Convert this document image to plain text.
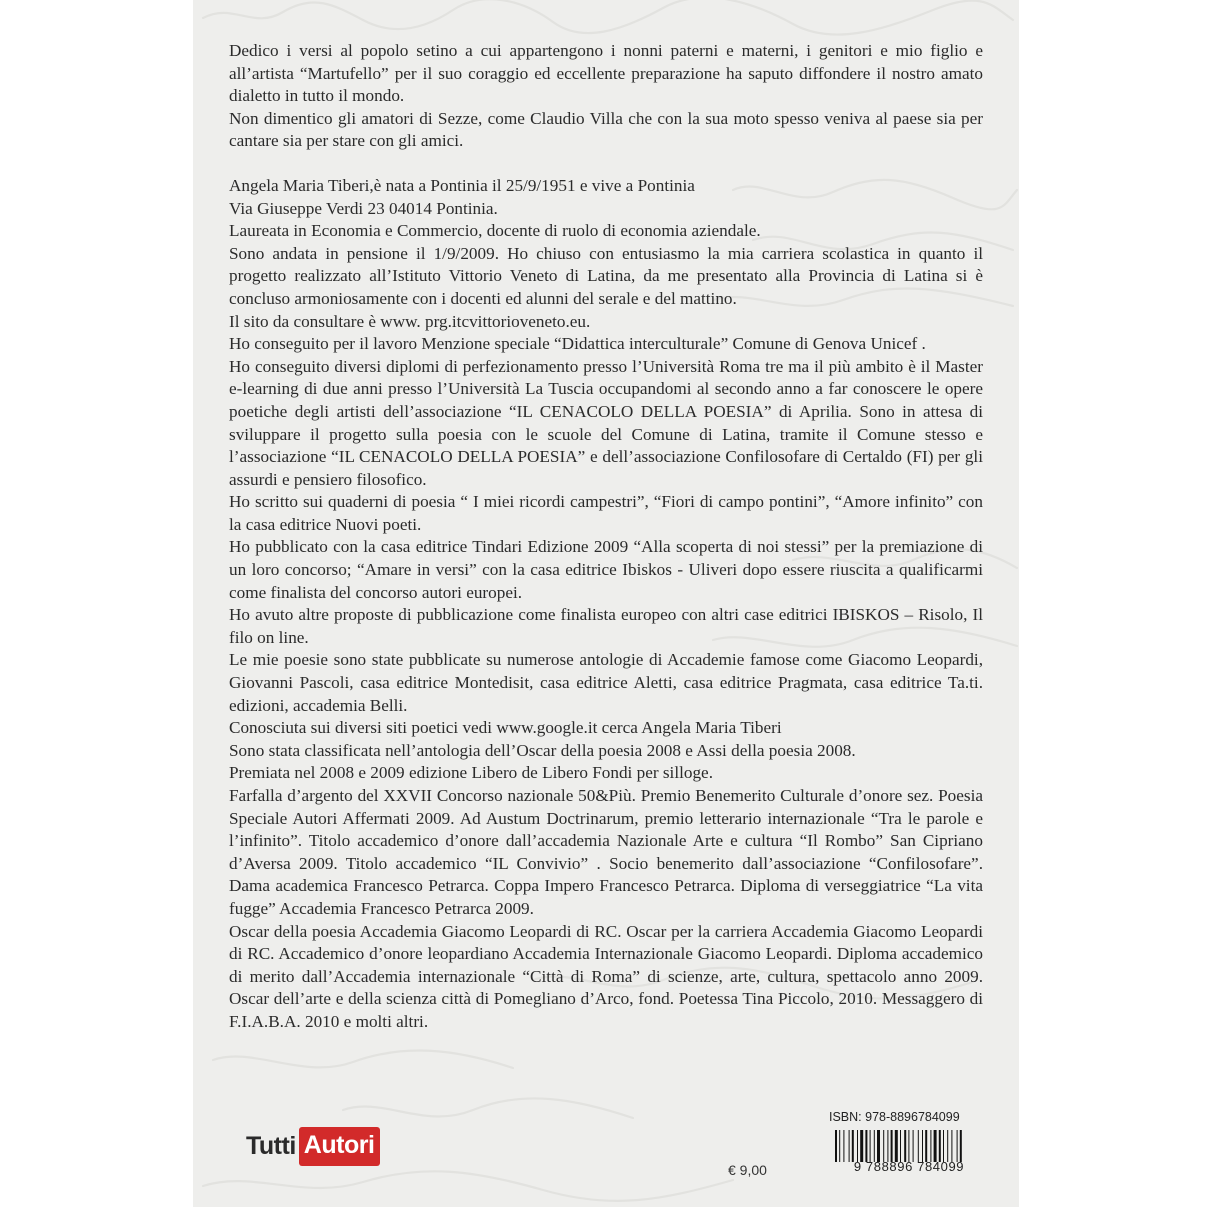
Dedico i versi al popolo setino a cui appartengono i nonni paterni e materni, i genitori e mio figlio e all’artista “Martufello” per il suo coraggio ed eccellente preparazione ha saputo diffondere il nostro amato dialetto in tutto il mondo.

Non dimentico gli amatori di Sezze, come Claudio Villa che con la sua moto spesso veniva al paese sia per cantare sia per stare con gli amici.

Angela Maria Tiberi,è nata a Pontinia il 25/9/1951 e vive a Pontinia

Via Giuseppe Verdi 23 04014 Pontinia.

Laureata in Economia e Commercio, docente di ruolo di economia aziendale.

Sono andata in pensione il 1/9/2009. Ho chiuso con entusiasmo la mia carriera scolastica in quanto il progetto realizzato all’Istituto Vittorio Veneto di Latina, da me presentato alla Provincia di Latina si è concluso armoniosamente con i docenti ed alunni del serale e del mattino.

Il sito da consultare è www. prg.itcvittorioveneto.eu.

Ho conseguito per il lavoro Menzione speciale “Didattica interculturale” Comune di Genova Unicef .

Ho conseguito diversi diplomi di perfezionamento presso l’Università Roma tre ma il più ambito è il Master e-learning di due anni presso l’Università La Tuscia occupandomi al secondo anno a far conoscere le opere poetiche degli artisti dell’associazione “IL CENACOLO DELLA POESIA” di Aprilia. Sono in attesa di sviluppare il progetto sulla poesia con le scuole del Comune di Latina, tramite il Comune stesso e l’associazione “IL CENACOLO DELLA POESIA” e dell’associazione Confilosofare di Certaldo (FI) per gli assurdi e pensiero filosofico.

Ho scritto sui quaderni di poesia “ I miei ricordi campestri”, “Fiori di campo pontini”, “Amore infinito” con la casa editrice Nuovi poeti.

Ho pubblicato con la casa editrice Tindari Edizione 2009 “Alla scoperta di noi stessi” per la premiazione di un loro concorso; “Amare in versi” con la casa editrice Ibiskos - Uliveri dopo essere riuscita a qualificarmi come finalista del concorso autori europei.

Ho avuto altre proposte di pubblicazione come finalista europeo con altri case editrici IBISKOS – Risolo, Il filo on line.

Le mie poesie sono state pubblicate su numerose antologie di Accademie famose come Giacomo Leopardi, Giovanni Pascoli, casa editrice Montedisit, casa editrice Aletti, casa editrice Pragmata, casa editrice Ta.ti. edizioni, accademia Belli.

Conosciuta sui diversi siti poetici vedi www.google.it cerca Angela Maria Tiberi

Sono stata classificata nell’antologia dell’Oscar della poesia 2008 e Assi della poesia 2008.

Premiata nel 2008 e 2009 edizione Libero de Libero Fondi per silloge.

Farfalla d’argento del XXVII Concorso nazionale 50&Più. Premio Benemerito Culturale d’onore sez. Poesia Speciale Autori Affermati 2009. Ad Austum Doctrinarum, premio letterario internazionale “Tra le parole e l’infinito”. Titolo accademico d’onore dall’accademia Nazionale Arte e cultura “Il Rombo” San Cipriano d’Aversa 2009. Titolo accademico “IL Convivio” . Socio benemerito dall’associazione “Confilosofare”. Dama academica Francesco Petrarca. Coppa Impero Francesco Petrarca. Diploma di verseggiatrice “La vita fugge” Accademia Francesco Petrarca 2009.

Oscar della poesia Accademia Giacomo Leopardi di RC. Oscar per la carriera Accademia Giacomo Leopardi di RC. Accademico d’onore leopardiano Accademia Internazionale Giacomo Leopardi. Diploma accademico di merito dall’Accademia internazionale “Città di Roma” di scienze, arte, cultura, spettacolo anno 2009. Oscar dell’arte e della scienza città di Pomegliano d’Arco, fond. Poetessa Tina Piccolo, 2010. Messaggero di F.I.A.B.A. 2010 e molti altri.

Tutti Autori
€ 9,00
ISBN: 978-8896784099
9 788896 784099
